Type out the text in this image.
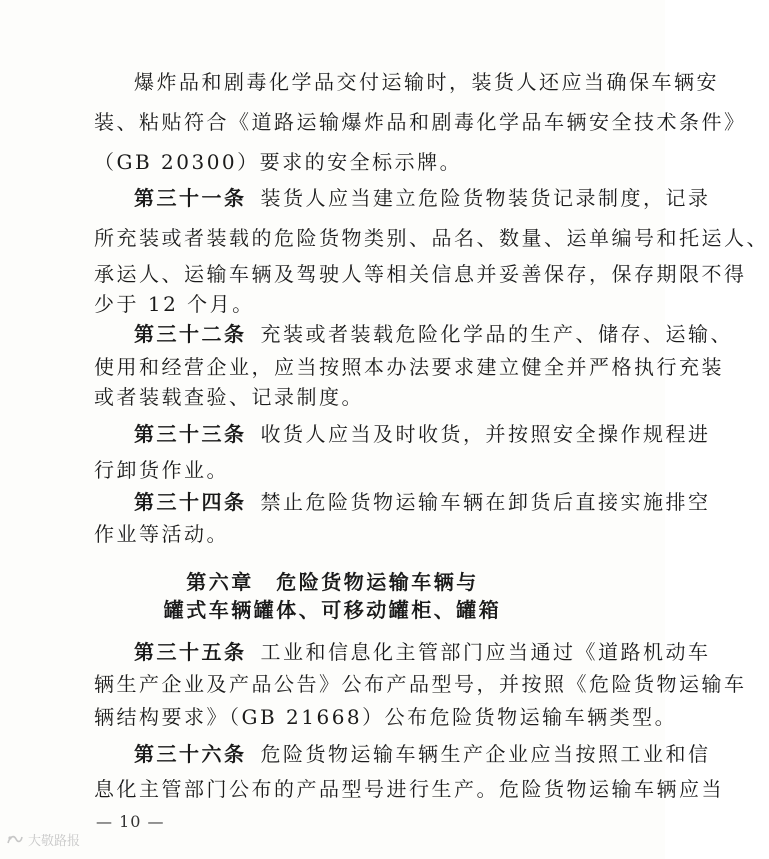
爆炸品和剧毒化学品交付运输时，装货人还应当确保车辆安
装、粘贴符合《道路运输爆炸品和剧毒化学品车辆安全技术条件》
（GB 20300）要求的安全标示牌。
第三十一条 装货人应当建立危险货物装货记录制度，记录
所充装或者装载的危险货物类别、品名、数量、运单编号和托运人、
承运人、运输车辆及驾驶人等相关信息并妥善保存，保存期限不得
少于 12 个月。
第三十二条 充装或者装载危险化学品的生产、储存、运输、
使用和经营企业，应当按照本办法要求建立健全并严格执行充装
或者装载查验、记录制度。
第三十三条 收货人应当及时收货，并按照安全操作规程进
行卸货作业。
第三十四条 禁止危险货物运输车辆在卸货后直接实施排空
作业等活动。
第六章　危险货物运输车辆与
罐式车辆罐体、可移动罐柜、罐箱
第三十五条 工业和信息化主管部门应当通过《道路机动车
辆生产企业及产品公告》公布产品型号，并按照《危险货物运输车
辆结构要求》（GB 21668）公布危险货物运输车辆类型。
第三十六条 危险货物运输车辆生产企业应当按照工业和信
息化主管部门公布的产品型号进行生产。危险货物运输车辆应当
— 10 —
大敬路报
